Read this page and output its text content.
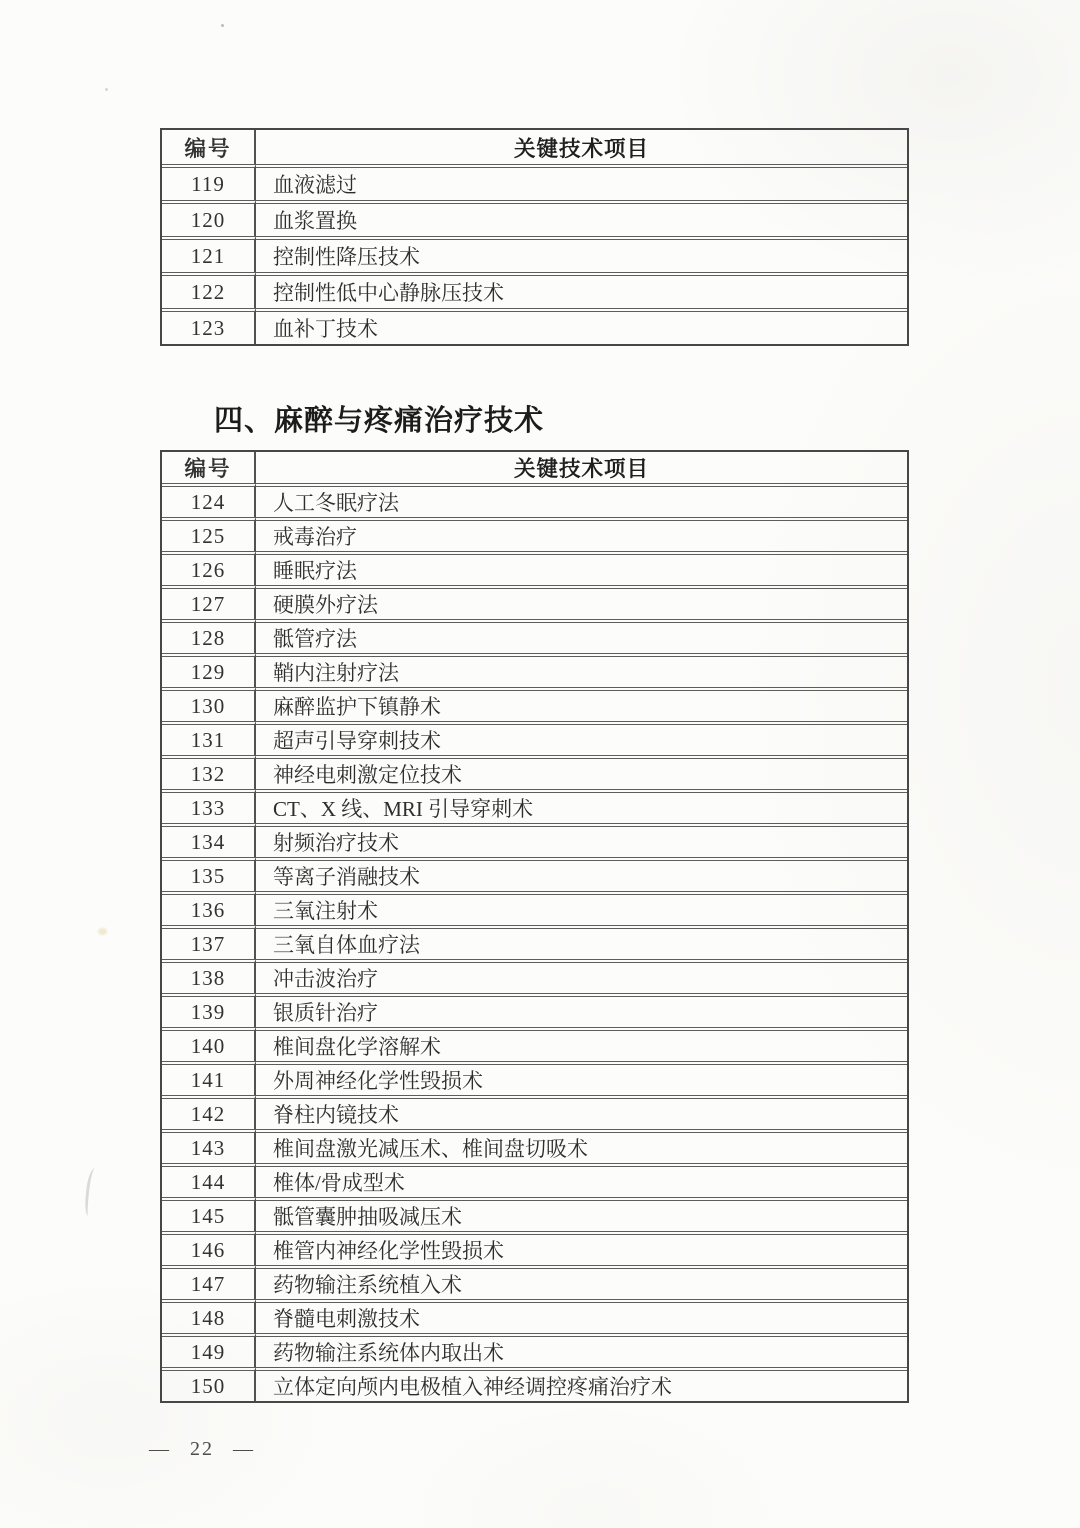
编号	关键技术项目
119	血液滤过
120	血浆置换
121	控制性降压技术
122	控制性低中心静脉压技术
123	血补丁技术
四、麻醉与疼痛治疗技术
编号	关键技术项目
124	人工冬眠疗法
125	戒毒治疗
126	睡眠疗法
127	硬膜外疗法
128	骶管疗法
129	鞘内注射疗法
130	麻醉监护下镇静术
131	超声引导穿刺技术
132	神经电刺激定位技术
133	CT、X 线、MRI 引导穿刺术
134	射频治疗技术
135	等离子消融技术
136	三氧注射术
137	三氧自体血疗法
138	冲击波治疗
139	银质针治疗
140	椎间盘化学溶解术
141	外周神经化学性毁损术
142	脊柱内镜技术
143	椎间盘激光减压术、椎间盘切吸术
144	椎体/骨成型术
145	骶管囊肿抽吸减压术
146	椎管内神经化学性毁损术
147	药物输注系统植入术
148	脊髓电刺激技术
149	药物输注系统体内取出术
150	立体定向颅内电极植入神经调控疼痛治疗术
— 22 —
